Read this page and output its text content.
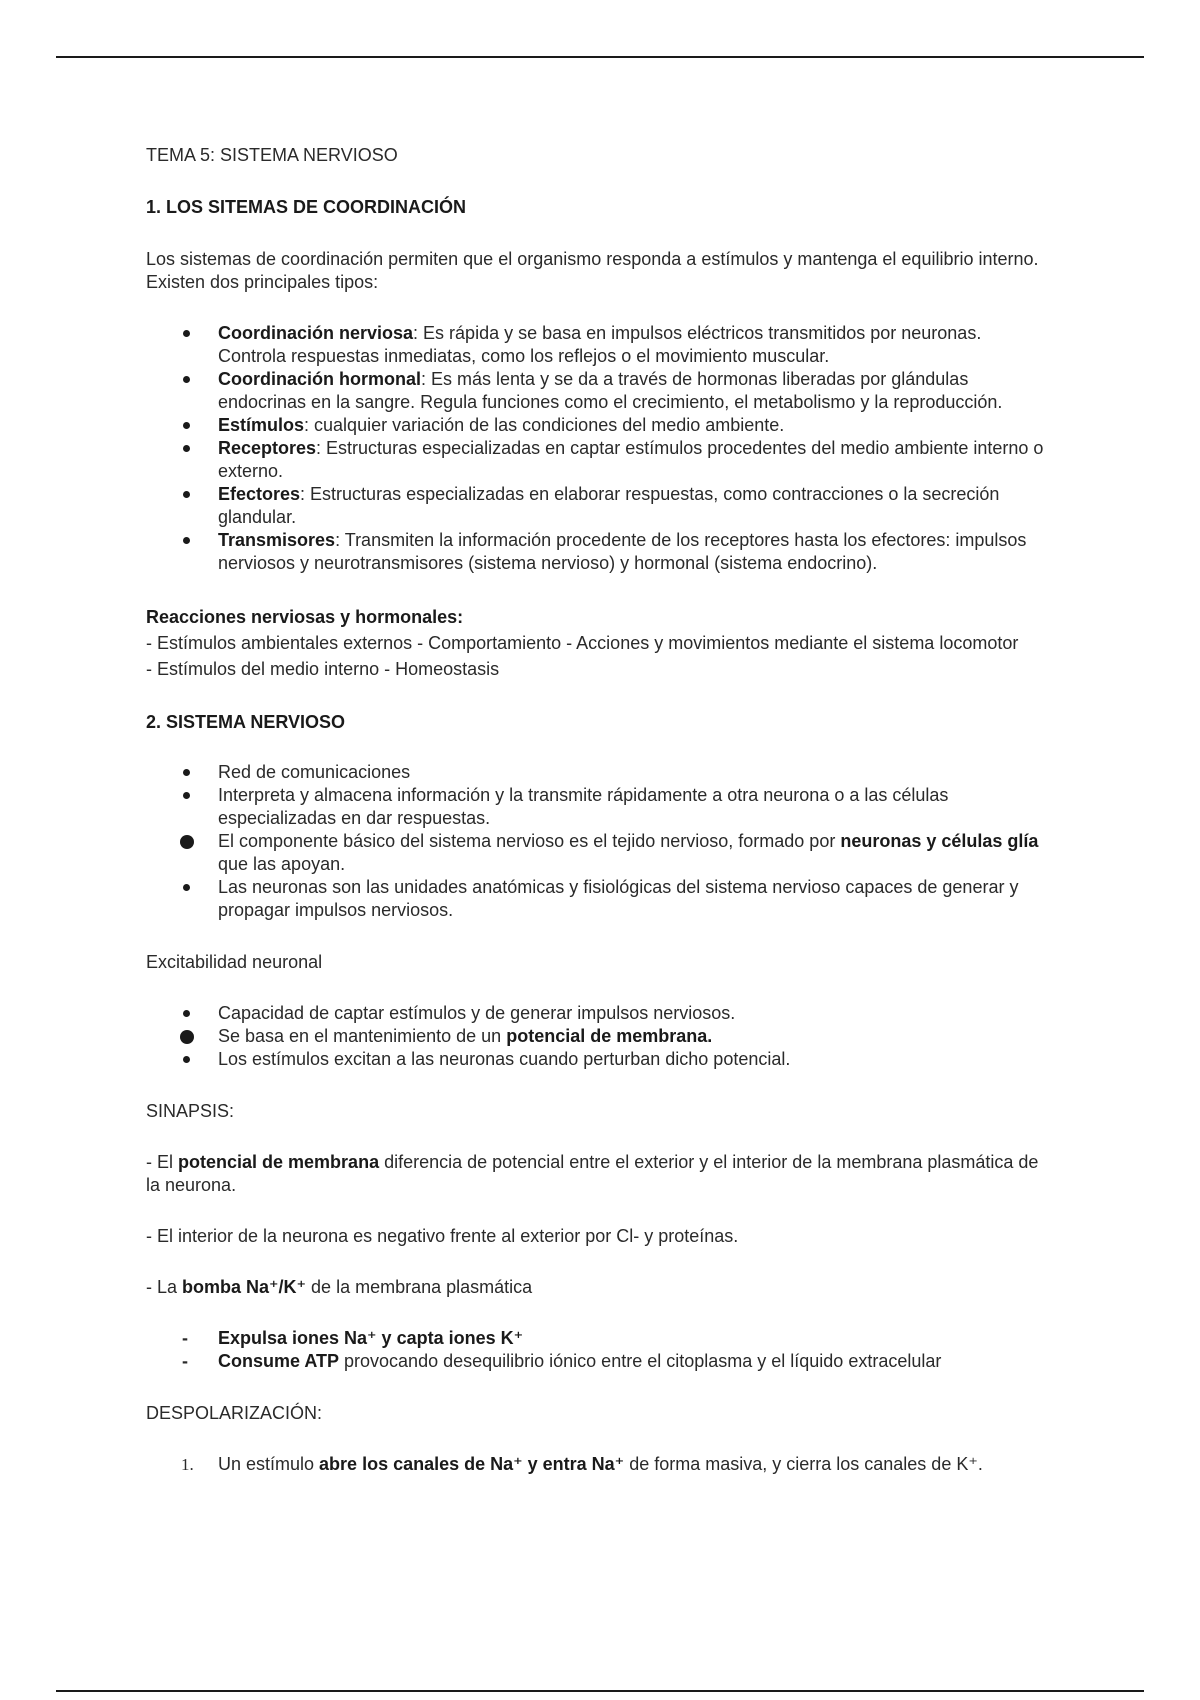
TEMA 5: SISTEMA NERVIOSO

1. LOS SITEMAS DE COORDINACIÓN

Los sistemas de coordinación permiten que el organismo responda a estímulos y mantenga el equilibrio interno. Existen dos principales tipos:

Coordinación nerviosa: Es rápida y se basa en impulsos eléctricos transmitidos por neuronas. Controla respuestas inmediatas, como los reflejos o el movimiento muscular.
Coordinación hormonal: Es más lenta y se da a través de hormonas liberadas por glándulas endocrinas en la sangre. Regula funciones como el crecimiento, el metabolismo y la reproducción.
Estímulos: cualquier variación de las condiciones del medio ambiente.
Receptores: Estructuras especializadas en captar estímulos procedentes del medio ambiente interno o externo.
Efectores: Estructuras especializadas en elaborar respuestas, como contracciones o la secreción glandular.
Transmisores: Transmiten la información procedente de los receptores hasta los efectores: impulsos nerviosos y neurotransmisores (sistema nervioso) y hormonal (sistema endocrino).

Reacciones nerviosas y hormonales:

- Estímulos ambientales externos - Comportamiento - Acciones y movimientos mediante el sistema locomotor

- Estímulos del medio interno - Homeostasis

2. SISTEMA NERVIOSO
Red de comunicaciones
Interpreta y almacena información y la transmite rápidamente a otra neurona o a las células especializadas en dar respuestas.
El componente básico del sistema nervioso es el tejido nervioso, formado por neuronas y células glía que las apoyan.
Las neuronas son las unidades anatómicas y fisiológicas del sistema nervioso capaces de generar y propagar impulsos nerviosos.

Excitabilidad neuronal

Capacidad de captar estímulos y de generar impulsos nerviosos.
Se basa en el mantenimiento de un potencial de membrana.
Los estímulos excitan a las neuronas cuando perturban dicho potencial.

SINAPSIS:

- El potencial de membrana diferencia de potencial entre el exterior y el interior de la membrana plasmática de la neurona.

- El interior de la neurona es negativo frente al exterior por Cl- y proteínas.

- La bomba Na⁺/K⁺ de la membrana plasmática

- Expulsa iones Na⁺ y capta iones K⁺
- Consume ATP provocando desequilibrio iónico entre el citoplasma y el líquido extracelular

DESPOLARIZACIÓN:

1. Un estímulo abre los canales de Na⁺ y entra Na⁺ de forma masiva, y cierra los canales de K⁺.
